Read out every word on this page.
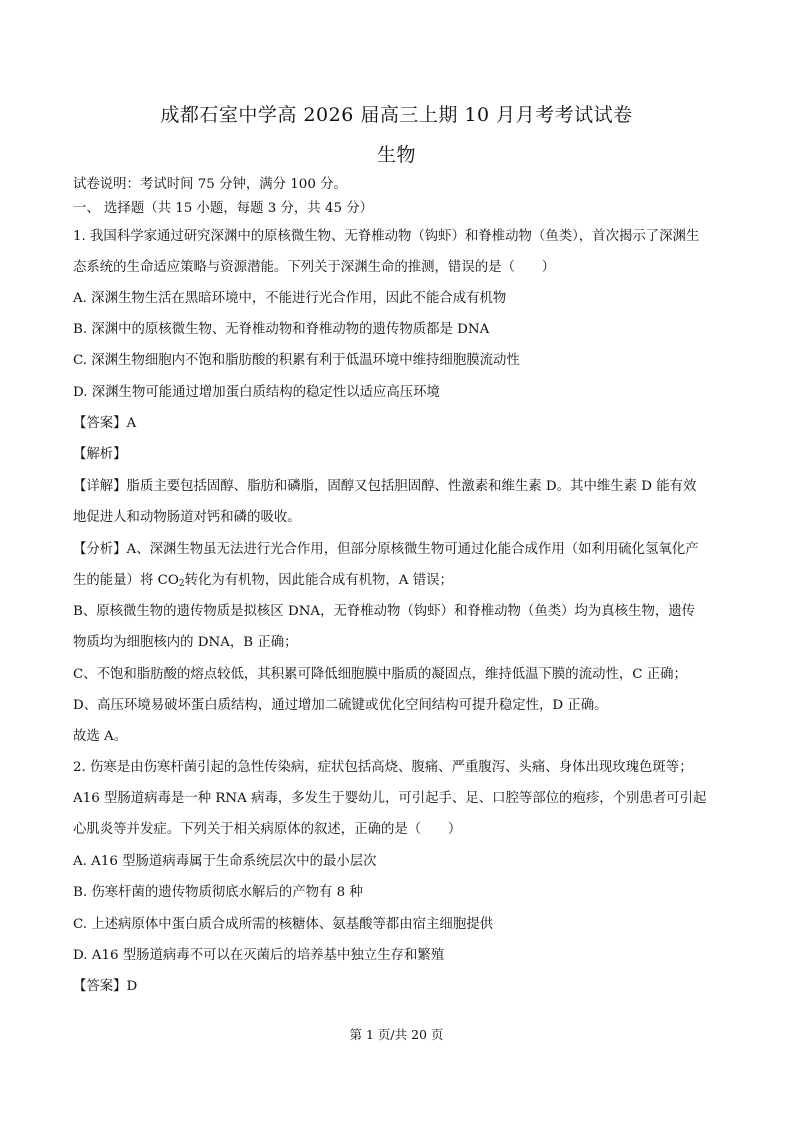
成都石室中学高 2026 届高三上期 10 月月考考试试卷
生物
试卷说明：考试时间 75 分钟，满分 100 分。
一、 选择题（共 15 小题，每题 3 分，共 45 分）
1. 我国科学家通过研究深渊中的原核微生物、无脊椎动物（钩虾）和脊椎动物（鱼类），首次揭示了深渊生
态系统的生命适应策略与资源潜能。下列关于深渊生命的推测，错误的是（　　）
A. 深渊生物生活在黑暗环境中，不能进行光合作用，因此不能合成有机物
B. 深渊中的原核微生物、无脊椎动物和脊椎动物的遗传物质都是 DNA
C. 深渊生物细胞内不饱和脂肪酸的积累有利于低温环境中维持细胞膜流动性
D. 深渊生物可能通过增加蛋白质结构的稳定性以适应高压环境
【答案】A
【解析】
【详解】脂质主要包括固醇、脂肪和磷脂，固醇又包括胆固醇、性激素和维生素 D。其中维生素 D 能有效
地促进人和动物肠道对钙和磷的吸收。
【分析】A、深渊生物虽无法进行光合作用，但部分原核微生物可通过化能合成作用（如利用硫化氢氧化产
生的能量）将 $CO_2$转化为有机物，因此能合成有机物，A 错误；
B、原核微生物的遗传物质是拟核区 DNA，无脊椎动物（钩虾）和脊椎动物（鱼类）均为真核生物，遗传
物质均为细胞核内的 DNA，B 正确；
C、不饱和脂肪酸的熔点较低，其积累可降低细胞膜中脂质的凝固点，维持低温下膜的流动性，C 正确；
D、高压环境易破坏蛋白质结构，通过增加二硫键或优化空间结构可提升稳定性，D 正确。
故选 A。
2. 伤寒是由伤寒杆菌引起的急性传染病，症状包括高烧、腹痛、严重腹泻、头痛、身体出现玫瑰色斑等；
A16 型肠道病毒是一种 RNA 病毒，多发生于婴幼儿，可引起手、足、口腔等部位的疱疹，个别患者可引起
心肌炎等并发症。下列关于相关病原体的叙述，正确的是（　　）
A. A16 型肠道病毒属于生命系统层次中的最小层次
B. 伤寒杆菌的遗传物质彻底水解后的产物有 8 种
C. 上述病原体中蛋白质合成所需的核糖体、氨基酸等都由宿主细胞提供
D. A16 型肠道病毒不可以在灭菌后的培养基中独立生存和繁殖
【答案】D
第 1 页/共 20 页
